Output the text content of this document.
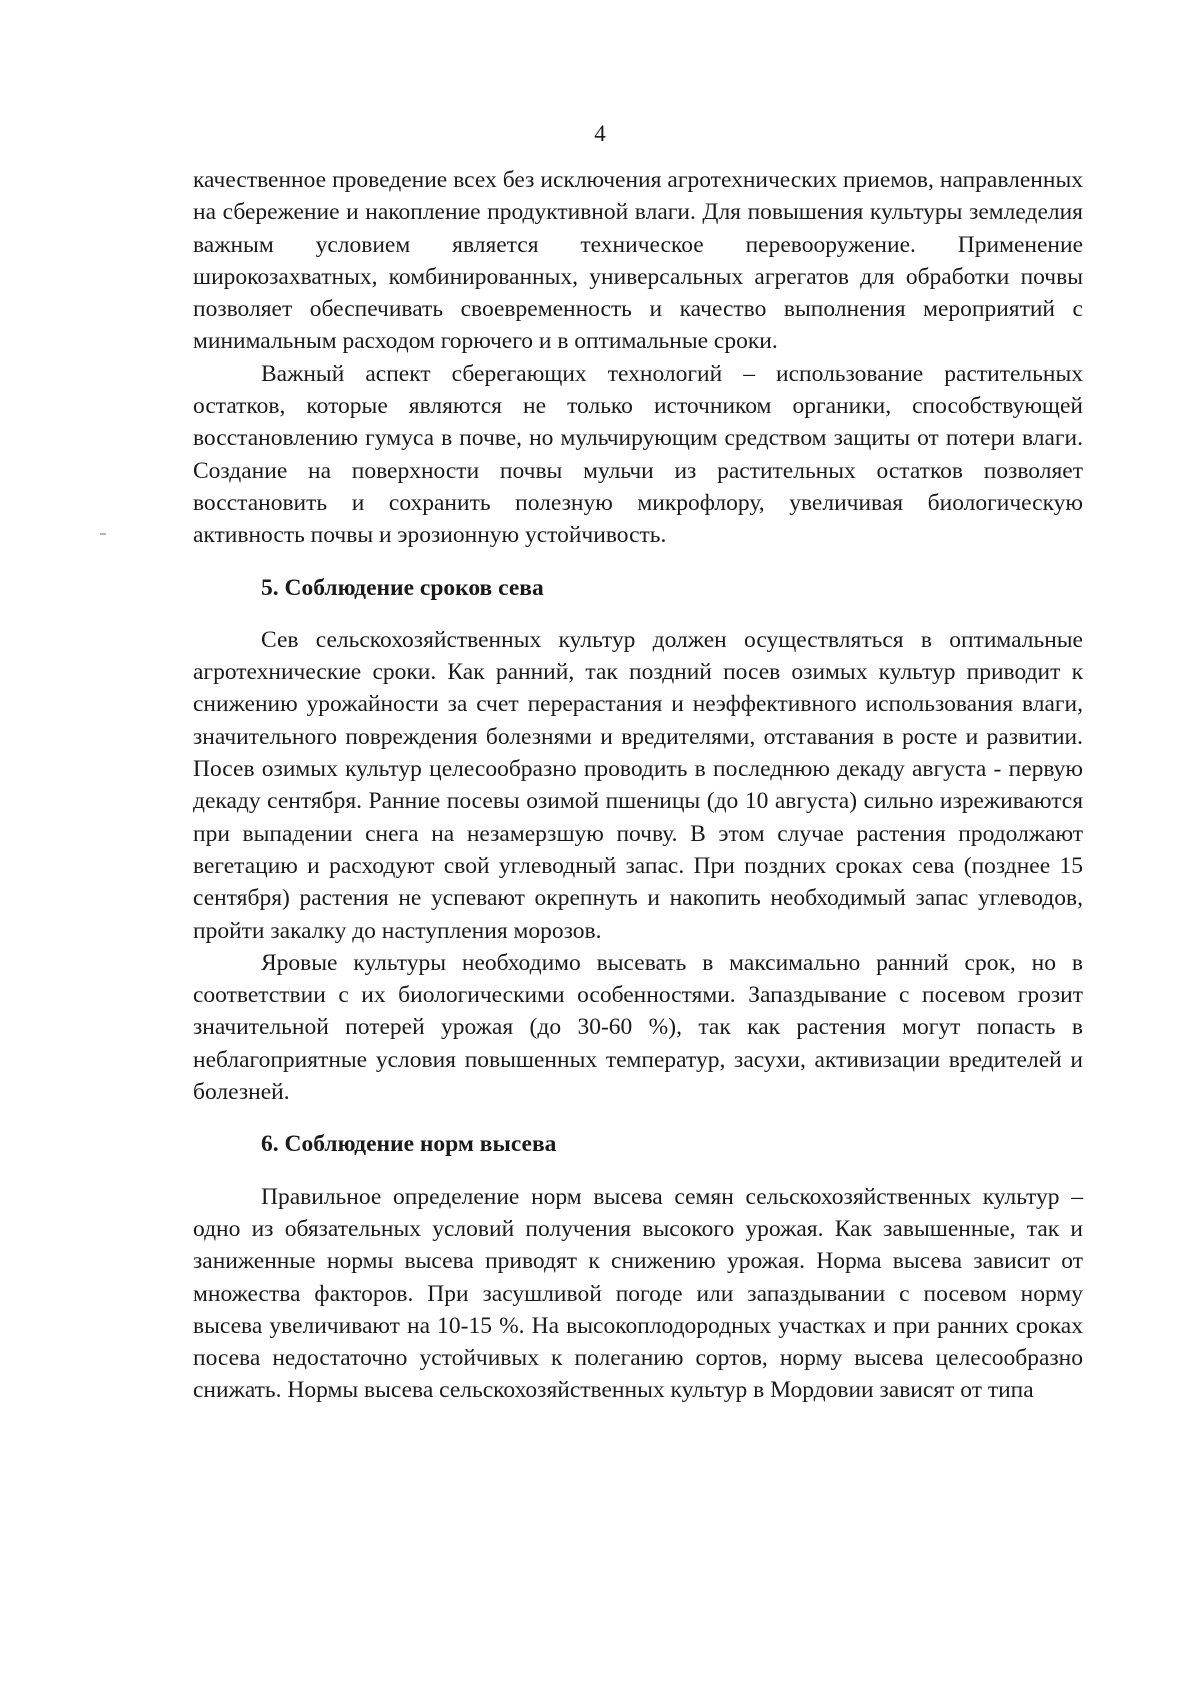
4

качественное проведение всех без исключения агротехнических приемов, направленных на сбережение и накопление продуктивной влаги. Для повышения культуры земледелия важным условием является техническое перевооружение. Применение широкозахватных, комбинированных, универсальных агрегатов для обработки почвы позволяет обеспечивать своевременность и качество выполнения мероприятий с минимальным расходом горючего и в оптимальные сроки.

Важный аспект сберегающих технологий – использование растительных остатков, которые являются не только источником органики, способствующей восстановлению гумуса в почве, но мульчирующим средством защиты от потери влаги. Создание на поверхности почвы мульчи из растительных остатков позволяет восстановить и сохранить полезную микрофлору, увеличивая биологическую активность почвы и эрозионную устойчивость.

5. Соблюдение сроков сева

Сев сельскохозяйственных культур должен осуществляться в оптимальные агротехнические сроки. Как ранний, так поздний посев озимых культур приводит к снижению урожайности за счет перерастания и неэффективного использования влаги, значительного повреждения болезнями и вредителями, отставания в росте и развитии. Посев озимых культур целесообразно проводить в последнюю декаду августа - первую декаду сентября. Ранние посевы озимой пшеницы (до 10 августа) сильно изреживаются при выпадении снега на незамерзшую почву. В этом случае растения продолжают вегетацию и расходуют свой углеводный запас. При поздних сроках сева (позднее 15 сентября) растения не успевают окрепнуть и накопить необходимый запас углеводов, пройти закалку до наступления морозов.

Яровые культуры необходимо высевать в максимально ранний срок, но в соответствии с их биологическими особенностями. Запаздывание с посевом грозит значительной потерей урожая (до 30-60 %), так как растения могут попасть в неблагоприятные условия повышенных температур, засухи, активизации вредителей и болезней.

6. Соблюдение норм высева

Правильное определение норм высева семян сельскохозяйственных культур – одно из обязательных условий получения высокого урожая. Как завышенные, так и заниженные нормы высева приводят к снижению урожая. Норма высева зависит от множества факторов. При засушливой погоде или запаздывании с посевом норму высева увеличивают на 10-15 %. На высокоплодородных участках и при ранних сроках посева недостаточно устойчивых к полеганию сортов, норму высева целесообразно снижать. Нормы высева сельскохозяйственных культур в Мордовии зависят от типа
